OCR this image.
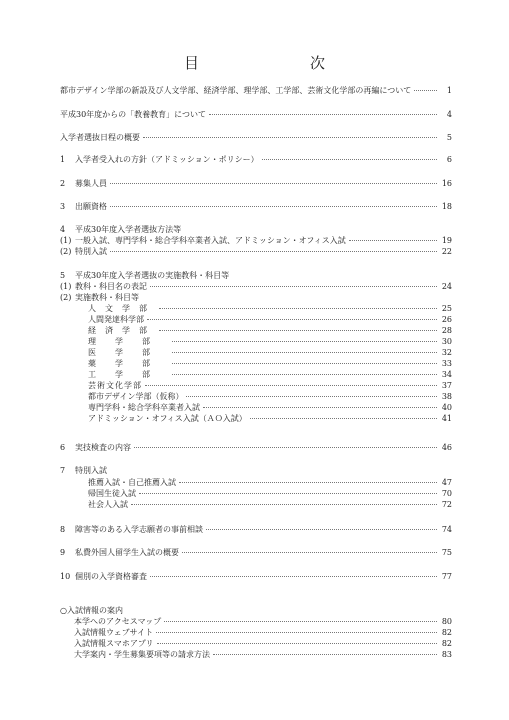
目　次
都市デザイン学部の新設及び人文学部、経済学部、理学部、工学部、芸術文化学部の再編について	1
平成30年度からの「教養教育」について	4
入学者選抜日程の概要	5
1	入学者受入れの方針（アドミッション・ポリシー）	6
2	募集人員	16
3	出願資格	18
4 平成30年度入学者選抜方法等
(1) 一般入試、専門学科・総合学科卒業者入試、アドミッション・オフィス入試	19
(2) 特別入試	22
5 平成30年度入学者選抜の実施教科・科目等
(1) 教科・科目名の表記	24
(2) 実施教科・科目等
人文学部	25
人間発達科学部	26
経済学部	28
理学部	30
医学部	32
薬学部	33
工学部	34
芸術文化学部	37
都市デザイン学部（仮称）	38
専門学科・総合学科卒業者入試	40
アドミッション・オフィス入試（ＡＯ入試）	41
6	実技検査の内容	46
7 特別入試
推薦入試・自己推薦入試	47
帰国生徒入試	70
社会人入試	72
8	障害等のある入学志願者の事前相談	74
9	私費外国人留学生入試の概要	75
10 個別の入学資格審査	77
○入試情報の案内
本学へのアクセスマップ	80
入試情報ウェブサイト	82
入試情報スマホアプリ	82
大学案内・学生募集要項等の請求方法	83
